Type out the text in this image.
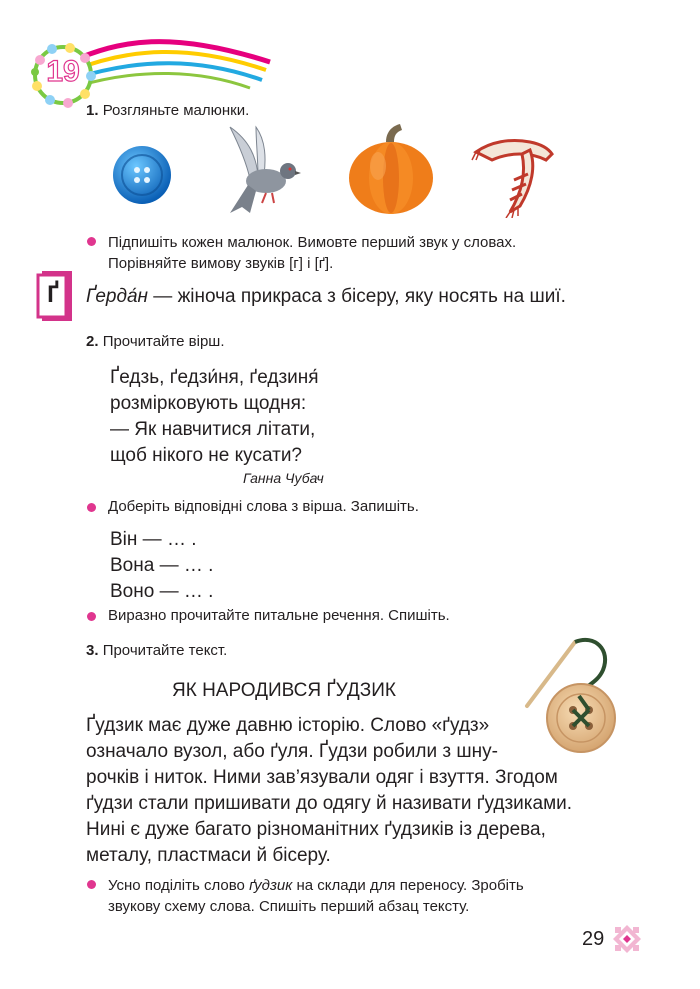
19
1. Розгляньте малюнки.
Підпишіть кожен малюнок. Вимовте перший звук у словах.
Порівняйте вимову звуків [г] і [ґ].
Ґ	Ґерда́н — жіноча прикраса з бісеру, яку носять на шиї.
2. Прочитайте вірш.
Ґедзь, ґедзи́ня, ґедзиня́
розмірковують щодня:
— Як навчитися літати,
щоб нікого не кусати?
Ганна Чубач
Доберіть відповідні слова з вірша. Запишіть.
Він — … .
Вона — … .
Воно — … .
Виразно прочитайте питальне речення. Спишіть.
3. Прочитайте текст.
ЯК НАРОДИВСЯ ҐУДЗИК
Ґудзик має дуже давню історію. Слово «ґудз»
означало вузол, або ґуля. Ґудзи робили з шну-
рочків і ниток. Ними зав’язували одяг і взуття. Згодом
ґудзи стали пришивати до одягу й називати ґудзиками.
Нині є дуже багато різноманітних ґудзиків із дерева,
металу, пластмаси й бісеру.
Усно поділіть слово ґудзик на склади для переносу. Зробіть
звукову схему слова. Спишіть перший абзац тексту.
29
